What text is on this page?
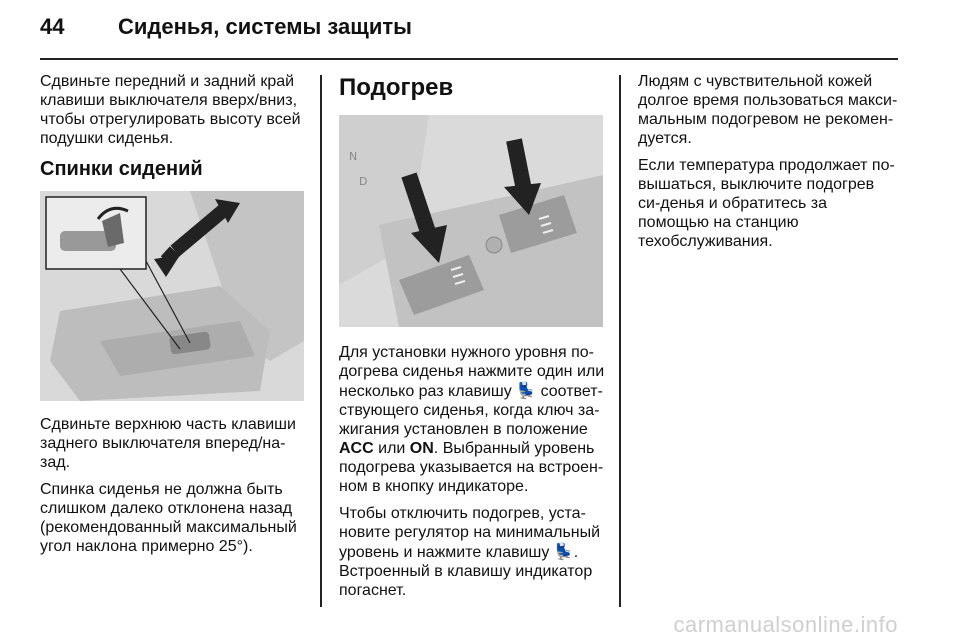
44 Сиденья, системы защиты

Сдвиньте передний и задний край клавиши выключателя вверх/вниз, чтобы отрегулировать высоту всей подушки сиденья.

Спинки сидений

Сдвиньте верхнюю часть клавиши заднего выключателя вперед/на-зад.

Спинка сиденья не должна быть слишком далеко отклонена назад (рекомендованный максимальный угол наклона примерно 25°).

Подогрев
N
D

Для установки нужного уровня по-догрева сиденья нажмите один или несколько раз клавишу 💺 соответ-ствующего сиденья, когда ключ за-жигания установлен в положение ACC или ON. Выбранный уровень подогрева указывается на встроен-ном в кнопку индикаторе.

Чтобы отключить подогрев, уста-новите регулятор на минимальный уровень и нажмите клавишу 💺. Встроенный в клавишу индикатор погаснет.

Людям с чувствительной кожей долгое время пользоваться макси-мальным подогревом не рекомен-дуется.

Если температура продолжает по-вышаться, выключите подогрев си-денья и обратитесь за помощью на станцию техобслуживания.

carmanualsonline.info
